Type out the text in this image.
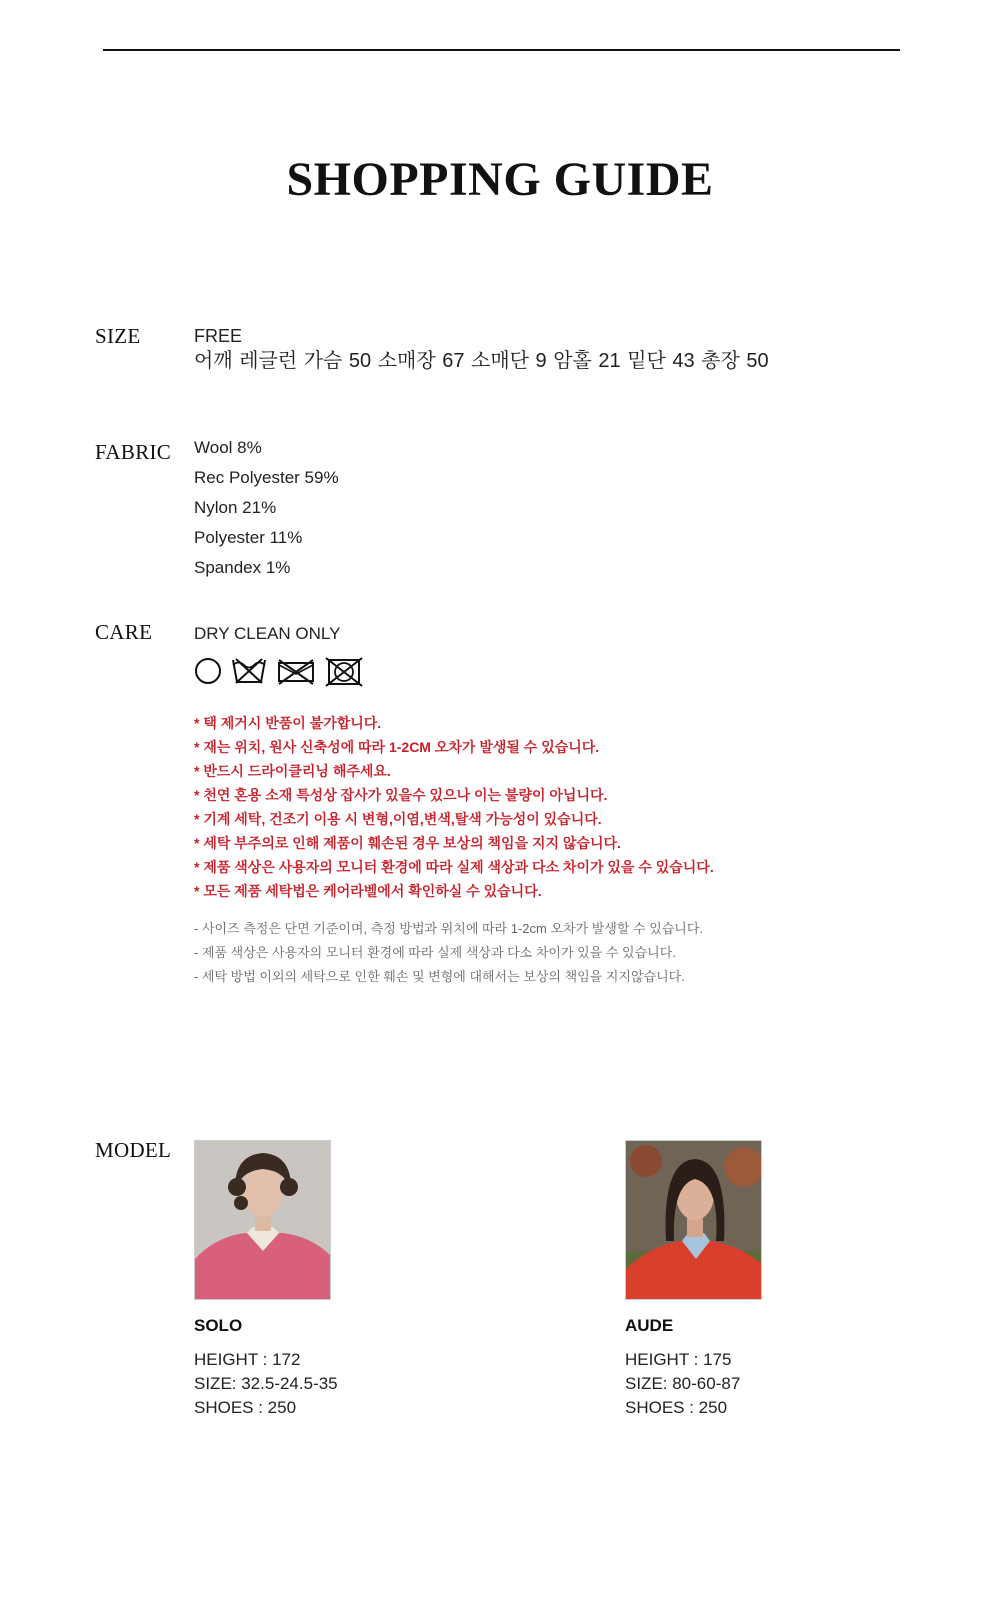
SHOPPING GUIDE
SIZE	FREE
어깨 레글런 가슴 50 소매장 67 소매단 9 암홀 21 밑단 43 총장 50
FABRIC Wool 8%
Rec Polyester 59%
Nylon 21%
Polyester 11%
Spandex 1%
CARE DRY CLEAN ONLY
* 택 제거시 반품이 불가합니다.
* 재는 위치, 원사 신축성에 따라 1-2CM 오차가 발생될 수 있습니다.
* 반드시 드라이클리닝 해주세요.
* 천연 혼용 소재 특성상 잡사가 있을수 있으나 이는 불량이 아닙니다.
* 기계 세탁, 건조기 이용 시 변형,이염,변색,탈색 가능성이 있습니다.
* 세탁 부주의로 인해 제품이 훼손된 경우 보상의 책임을 지지 않습니다.
* 제품 색상은 사용자의 모니터 환경에 따라 실제 색상과 다소 차이가 있을 수 있습니다.
* 모든 제품 세탁법은 케어라벨에서 확인하실 수 있습니다.
- 사이즈 측정은 단면 기준이며, 측정 방법과 위치에 따라 1-2cm 오차가 발생할 수 있습니다.
- 제품 색상은 사용자의 모니터 환경에 따라 실제 색상과 다소 차이가 있을 수 있습니다.
- 세탁 방법 이외의 세탁으로 인한 훼손 및 변형에 대해서는 보상의 책임을 지지않습니다.
MODEL
SOLO
HEIGHT : 172
SIZE: 32.5-24.5-35
SHOES : 250
AUDE
HEIGHT : 175
SIZE: 80-60-87
SHOES : 250
